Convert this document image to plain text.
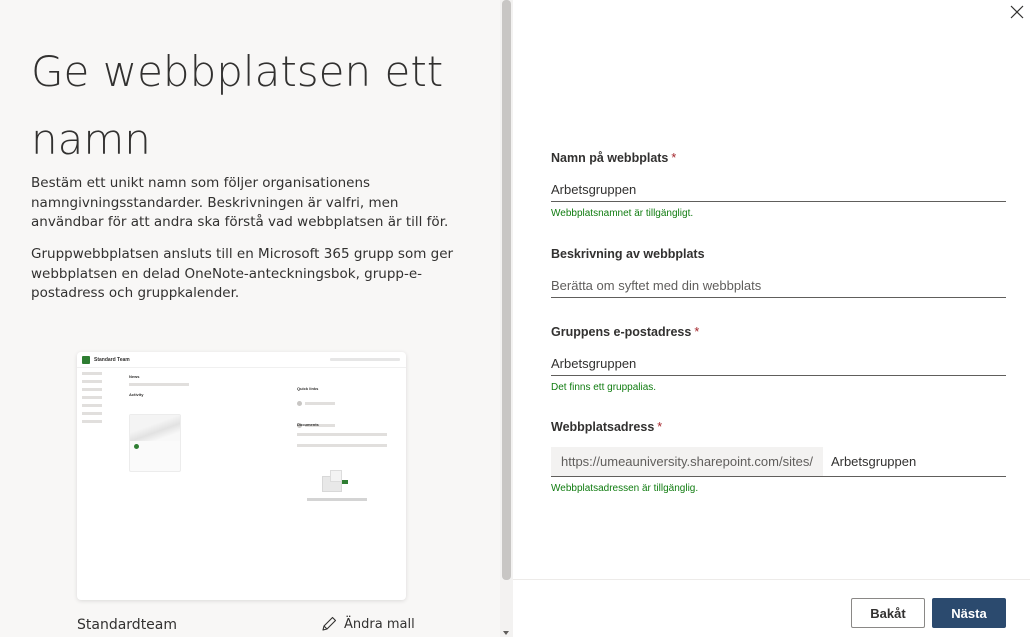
Ge webbplatsen ett namn

Bestäm ett unikt namn som följer organisationens namngivningsstandarder. Beskrivningen är valfri, men användbar för att andra ska förstå vad webbplatsen är till för.

Gruppwebbplatsen ansluts till en Microsoft 365 grupp som ger webbplatsen en delad OneNote-anteckningsbok, grupp-e-postadress och gruppkalender.

Standard Team
News
Activity
Quick links
Documents
Standardteam	Ändra mall
Namn på webbplats *
Arbetsgruppen
Webbplatsnamnet är tillgängligt.
Beskrivning av webbplats
Berätta om syftet med din webbplats
Gruppens e-postadress *
Arbetsgruppen
Det finns ett gruppalias.
Webbplatsadress *
https://umeauniversity.sharepoint.com/sites/
Arbetsgruppen
Webbplatsadressen är tillgänglig.
Bakåt	Nästa
